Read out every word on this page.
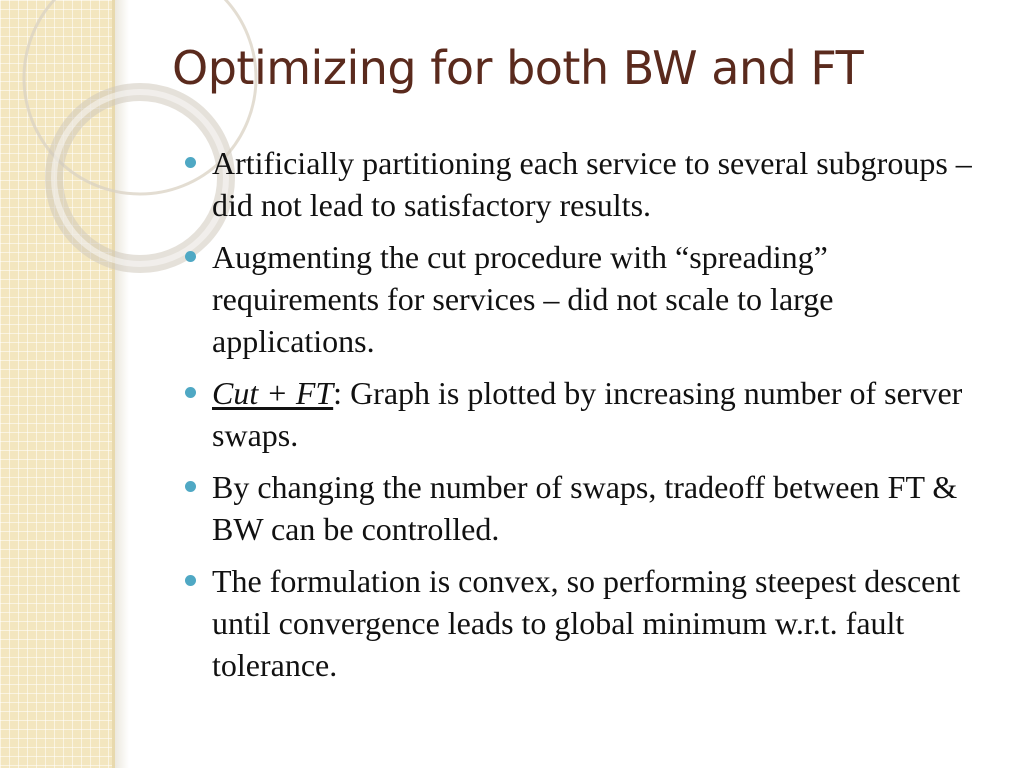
Optimizing for both BW and FT
Artificially partitioning each service to several subgroups – did not lead to satisfactory results.
Augmenting the cut procedure with “spreading” requirements for services – did not scale to large applications.
Cut + FT: Graph is plotted by increasing number of server swaps.
By changing the number of swaps, tradeoff between FT & BW can be controlled.
The formulation is convex, so performing steepest descent until convergence leads to global minimum w.r.t. fault tolerance.
